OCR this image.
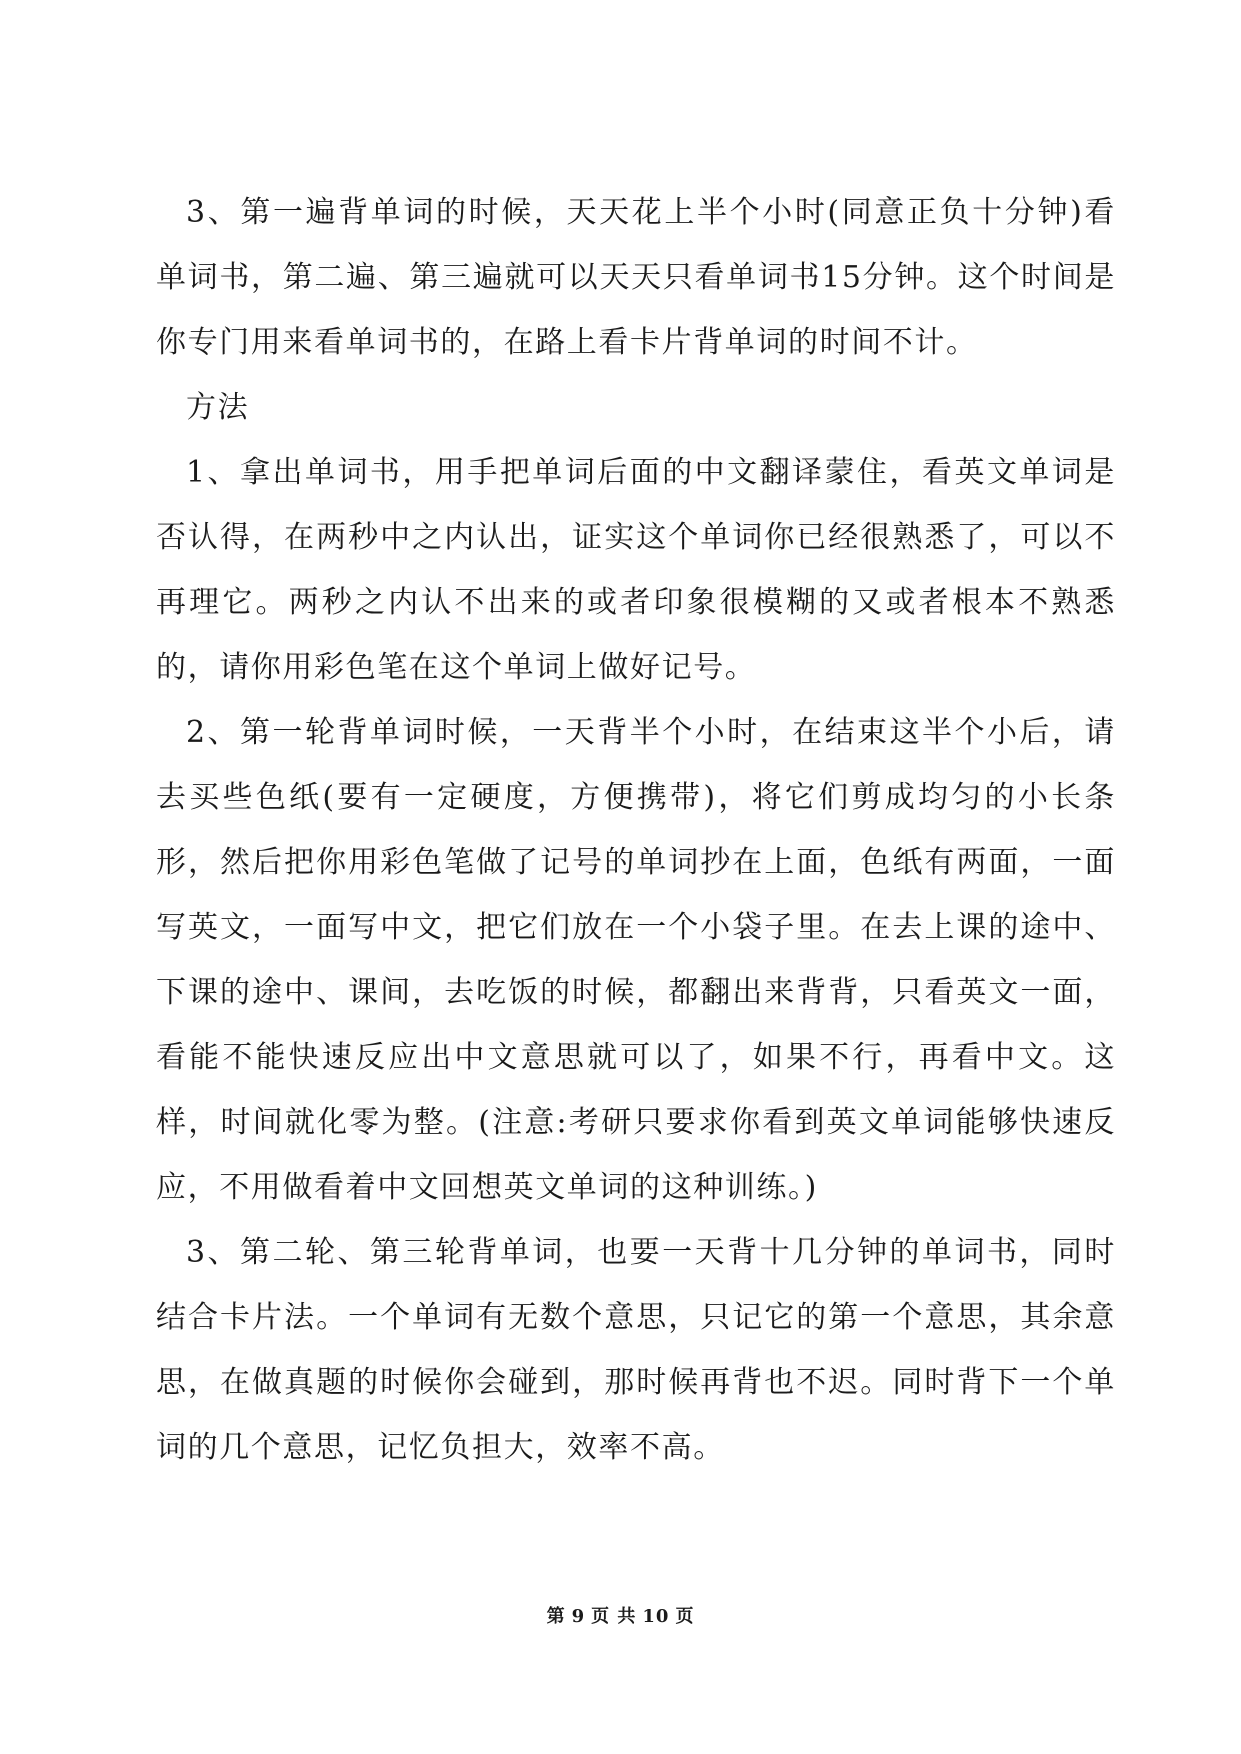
3、第一遍背单词的时候，天天花上半个小时(同意正负十分钟)看单词书，第二遍、第三遍就可以天天只看单词书15分钟。这个时间是你专门用来看单词书的，在路上看卡片背单词的时间不计。

方法

1、拿出单词书，用手把单词后面的中文翻译蒙住，看英文单词是否认得，在两秒中之内认出，证实这个单词你已经很熟悉了，可以不再理它。两秒之内认不出来的或者印象很模糊的又或者根本不熟悉的，请你用彩色笔在这个单词上做好记号。

2、第一轮背单词时候，一天背半个小时，在结束这半个小后，请去买些色纸(要有一定硬度，方便携带)，将它们剪成均匀的小长条形，然后把你用彩色笔做了记号的单词抄在上面，色纸有两面，一面写英文，一面写中文，把它们放在一个小袋子里。在去上课的途中、下课的途中、课间，去吃饭的时候，都翻出来背背，只看英文一面，看能不能快速反应出中文意思就可以了，如果不行，再看中文。这样，时间就化零为整。(注意:考研只要求你看到英文单词能够快速反应，不用做看着中文回想英文单词的这种训练。)

3、第二轮、第三轮背单词，也要一天背十几分钟的单词书，同时结合卡片法。一个单词有无数个意思，只记它的第一个意思，其余意思，在做真题的时候你会碰到，那时候再背也不迟。同时背下一个单词的几个意思，记忆负担大，效率不高。

第 9 页 共 10 页
